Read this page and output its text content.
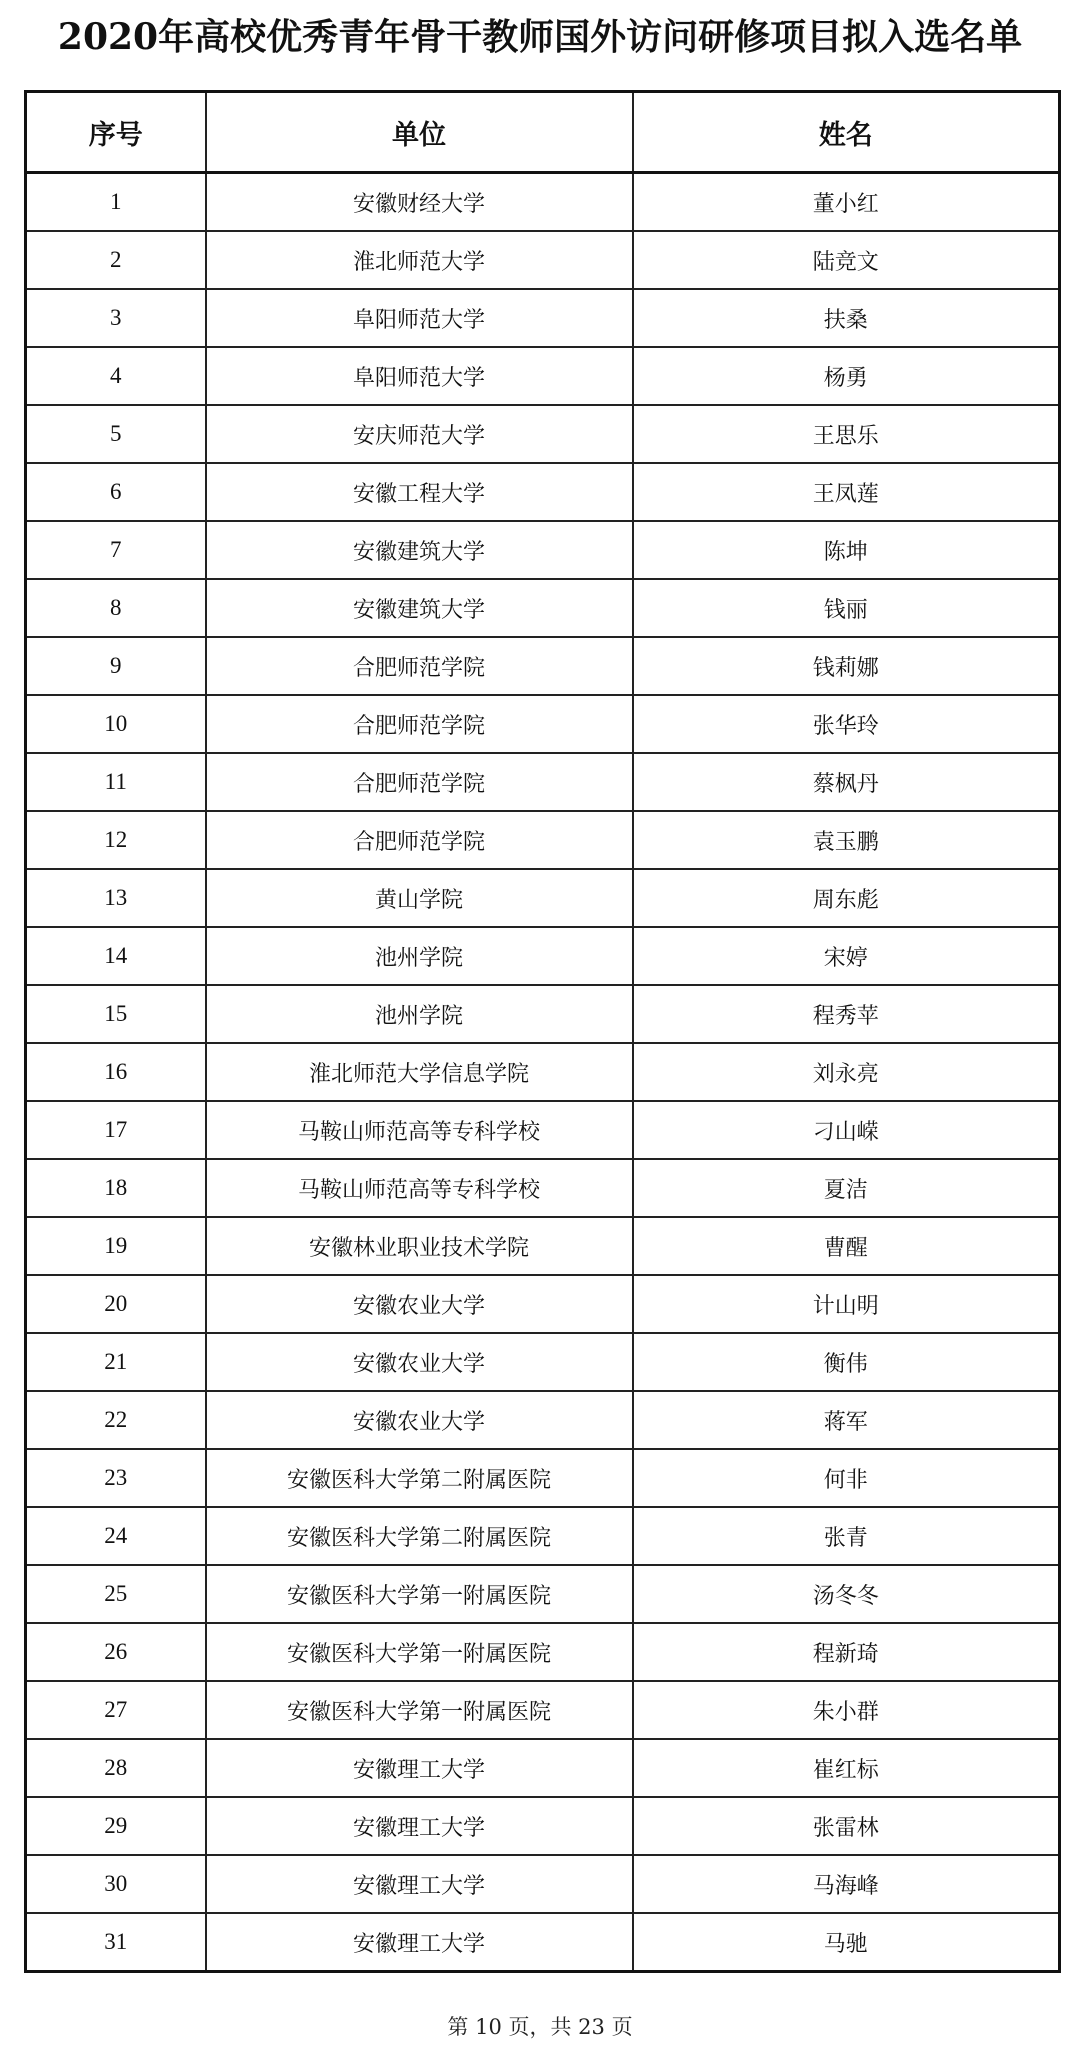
2020年高校优秀青年骨干教师国外访问研修项目拟入选名单
序号	单位	姓名
1	安徽财经大学	董小红
2	淮北师范大学	陆竞文
3	阜阳师范大学	扶桑
4	阜阳师范大学	杨勇
5	安庆师范大学	王思乐
6	安徽工程大学	王凤莲
7	安徽建筑大学	陈坤
8	安徽建筑大学	钱丽
9	合肥师范学院	钱莉娜
10	合肥师范学院	张华玲
11	合肥师范学院	蔡枫丹
12	合肥师范学院	袁玉鹏
13	黄山学院	周东彪
14	池州学院	宋婷
15	池州学院	程秀苹
16	淮北师范大学信息学院	刘永亮
17	马鞍山师范高等专科学校	刁山嵘
18	马鞍山师范高等专科学校	夏洁
19	安徽林业职业技术学院	曹醒
20	安徽农业大学	计山明
21	安徽农业大学	衡伟
22	安徽农业大学	蒋军
23	安徽医科大学第二附属医院	何非
24	安徽医科大学第二附属医院	张青
25	安徽医科大学第一附属医院	汤冬冬
26	安徽医科大学第一附属医院	程新琦
27	安徽医科大学第一附属医院	朱小群
28	安徽理工大学	崔红标
29	安徽理工大学	张雷林
30	安徽理工大学	马海峰
31	安徽理工大学	马驰
第 10 页，共 23 页
